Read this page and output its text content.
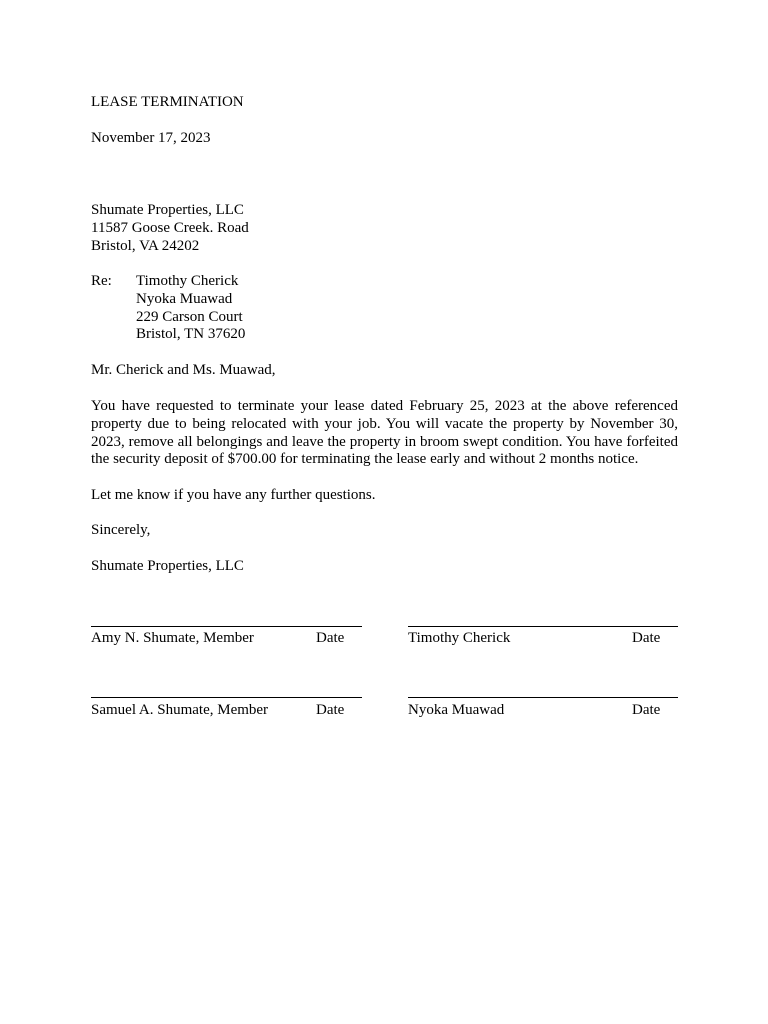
LEASE TERMINATION
November 17, 2023
Shumate Properties, LLC
11587 Goose Creek. Road
Bristol, VA 24202
Re: Timothy Cherick
Nyoka Muawad
229 Carson Court
Bristol, TN 37620
Mr. Cherick and Ms. Muawad,
You have requested to terminate your lease dated February 25, 2023 at the above referenced property due to being relocated with your job. You will vacate the property by November 30, 2023, remove all belongings and leave the property in broom swept condition. You have forfeited the security deposit of $700.00 for terminating the lease early and without 2 months notice.
Let me know if you have any further questions.
Sincerely,
Shumate Properties, LLC
Amy N. Shumate, Member	Date	Timothy Cherick	Date
Samuel A. Shumate, Member	Date	Nyoka Muawad	Date
